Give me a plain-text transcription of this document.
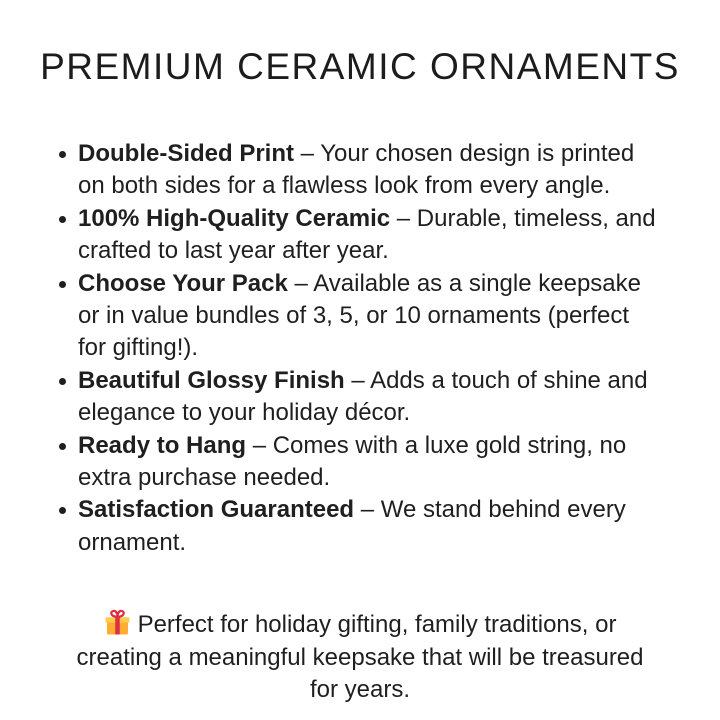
PREMIUM CERAMIC ORNAMENTS
Double-Sided Print – Your chosen design is printed
on both sides for a flawless look from every angle.
100% High-Quality Ceramic – Durable, timeless, and
crafted to last year after year.
Choose Your Pack – Available as a single keepsake
or in value bundles of 3, 5, or 10 ornaments (perfect
for gifting!).
Beautiful Glossy Finish – Adds a touch of shine and
elegance to your holiday décor.
Ready to Hang – Comes with a luxe gold string, no
extra purchase needed.
Satisfaction Guaranteed – We stand behind every
ornament.

Perfect for holiday gifting, family traditions, or
creating a meaningful keepsake that will be treasured
for years.
